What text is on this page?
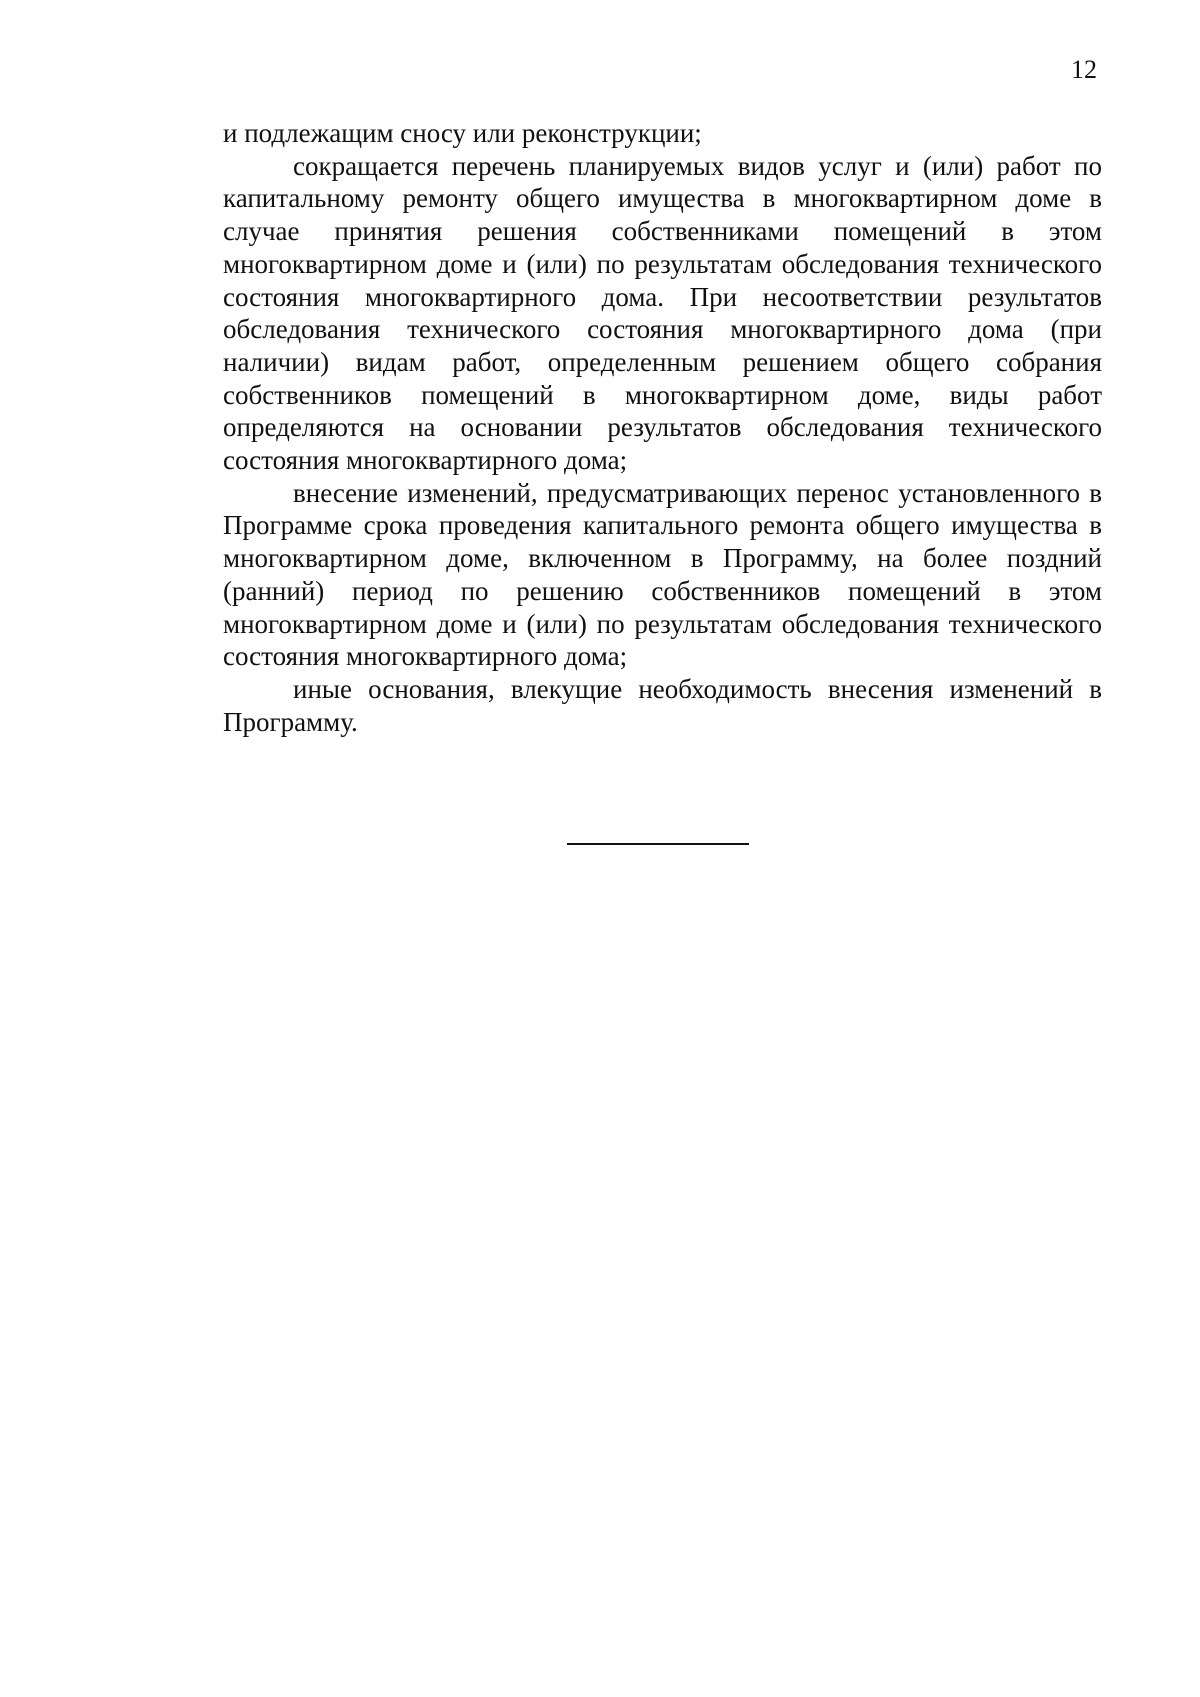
12

и подлежащим сносу или реконструкции;

сокращается перечень планируемых видов услуг и (или) работ по капитальному ремонту общего имущества в многоквартирном доме в случае принятия решения собственниками помещений в этом многоквартирном доме и (или) по результатам обследования технического состояния многоквартирного дома. При несоответствии результатов обследования технического состояния многоквартирного дома (при наличии) видам работ, определенным решением общего собрания собственников помещений в многоквартирном доме, виды работ определяются на основании результатов обследования технического состояния многоквартирного дома;

внесение изменений, предусматривающих перенос установленного в Программе срока проведения капитального ремонта общего имущества в многоквартирном доме, включенном в Программу, на более поздний (ранний) период по решению собственников помещений в этом многоквартирном доме и (или) по результатам обследования технического состояния многоквартирного дома;

иные основания, влекущие необходимость внесения изменений в Программу.
